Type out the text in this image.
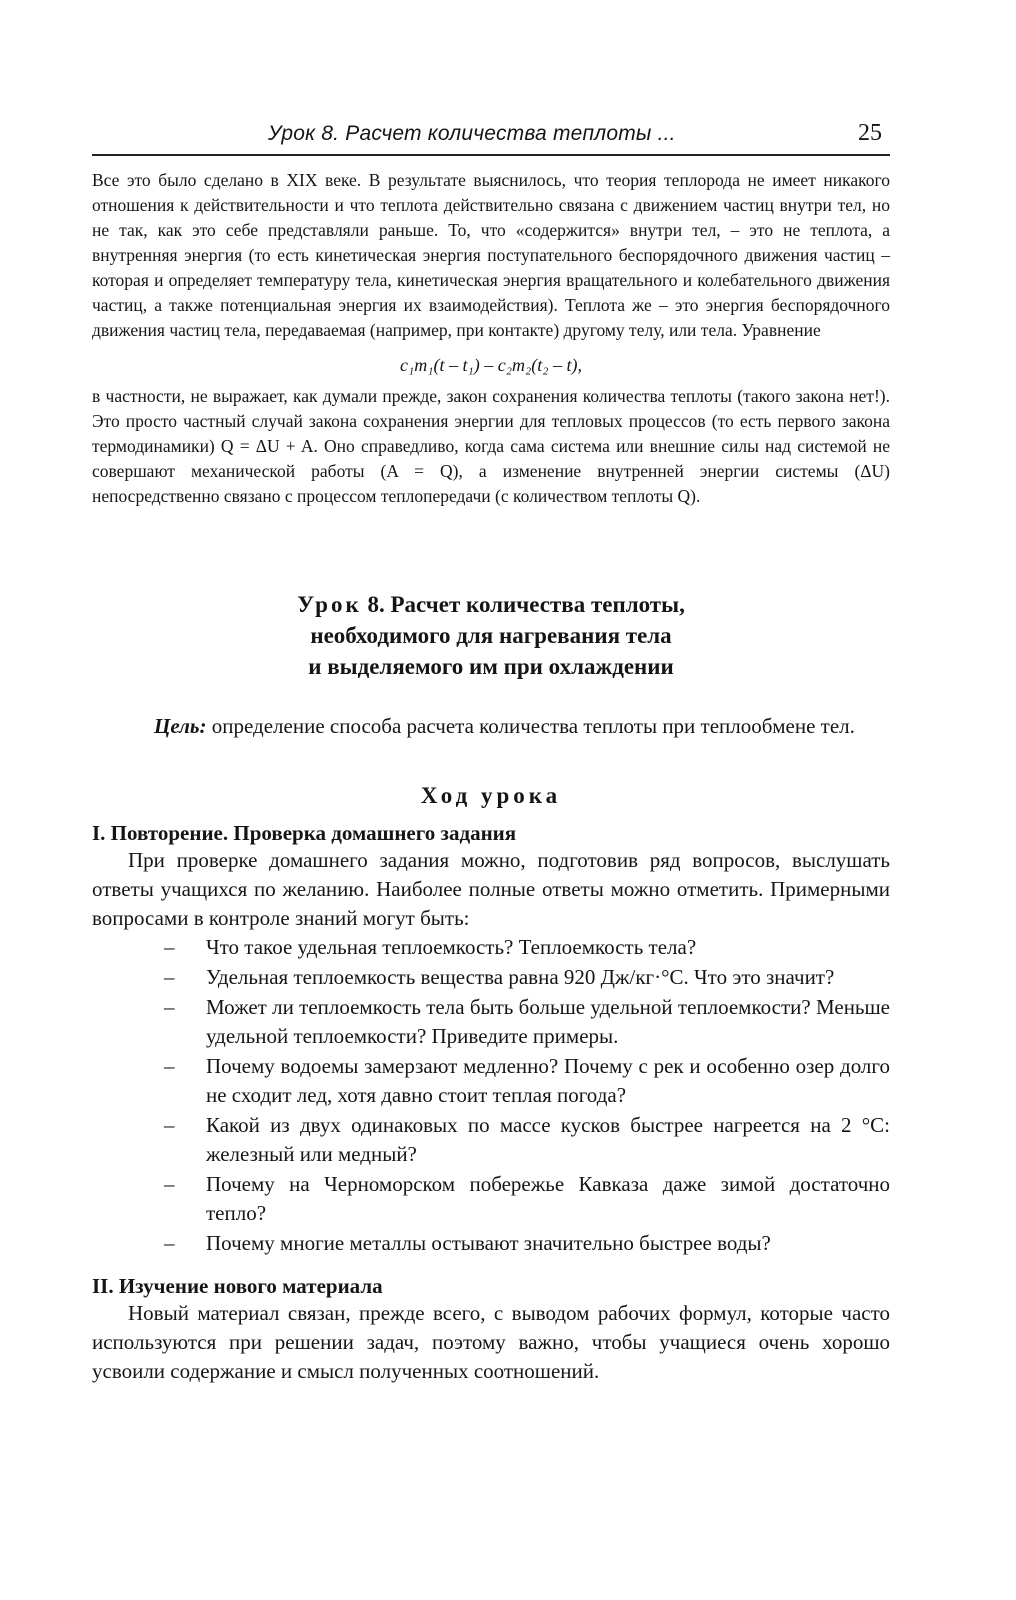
Урок 8. Расчет количества теплоты ...	25

Все это было сделано в XIX веке. В результате выяснилось, что теория теплорода не имеет никакого отношения к действительности и что теплота действительно связана с движением частиц внутри тел, но не так, как это себе представляли раньше. То, что «содержится» внутри тел, – это не теплота, а внутренняя энергия (то есть кинетическая энергия поступательного беспорядочного движения частиц – которая и определяет температуру тела, кинетическая энергия вращательного и колебательного движения частиц, а также потенциальная энергия их взаимодействия). Теплота же – это энергия беспорядочного движения частиц тела, передаваемая (например, при контакте) другому телу, или тела. Уравнение

c₁m₁(t – t₁) – c₂m₂(t₂ – t),

в частности, не выражает, как думали прежде, закон сохранения количества теплоты (такого закона нет!). Это просто частный случай закона сохранения энергии для тепловых процессов (то есть первого закона термодинамики) Q = ΔU + A. Оно справедливо, когда сама система или внешние силы над системой не совершают механической работы (A = Q), а изменение внутренней энергии системы (ΔU) непосредственно связано с процессом теплопередачи (с количеством теплоты Q).

Урок 8. Расчет количества теплоты,
необходимого для нагревания тела
и выделяемого им при охлаждении

Цель: определение способа расчета количества теплоты при теплообмене тел.

Ход урока
I. Повторение. Проверка домашнего задания

При проверке домашнего задания можно, подготовив ряд вопросов, выслушать ответы учащихся по желанию. Наиболее полные ответы можно отметить. Примерными вопросами в контроле знаний могут быть:

– Что такое удельная теплоемкость? Теплоемкость тела?
– Удельная теплоемкость вещества равна 920 Дж/кг·°С. Что это значит?
– Может ли теплоемкость тела быть больше удельной теплоемкости? Меньше удельной теплоемкости? Приведите примеры.
– Почему водоемы замерзают медленно? Почему с рек и особенно озер долго не сходит лед, хотя давно стоит теплая погода?
– Какой из двух одинаковых по массе кусков быстрее нагреется на 2 °С: железный или медный?
– Почему на Черноморском побережье Кавказа даже зимой достаточно тепло?
– Почему многие металлы остывают значительно быстрее воды?
II. Изучение нового материала

Новый материал связан, прежде всего, с выводом рабочих формул, которые часто используются при решении задач, поэтому важно, чтобы учащиеся очень хорошо усвоили содержание и смысл полученных соотношений.
